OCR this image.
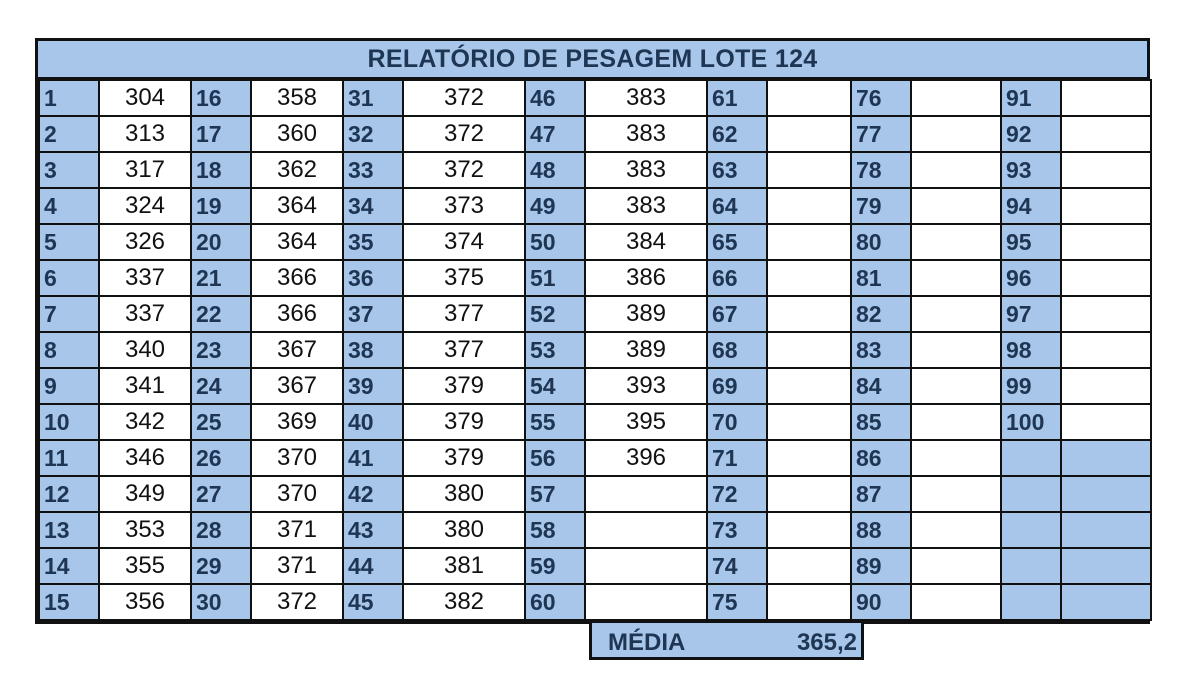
RELATÓRIO DE PESAGEM LOTE 124
1	304	16	358	31	372	46	383	61		76		91	
2	313	17	360	32	372	47	383	62		77		92	
3	317	18	362	33	372	48	383	63		78		93	
4	324	19	364	34	373	49	383	64		79		94	
5	326	20	364	35	374	50	384	65		80		95	
6	337	21	366	36	375	51	386	66		81		96	
7	337	22	366	37	377	52	389	67		82		97	
8	340	23	367	38	377	53	389	68		83		98	
9	341	24	367	39	379	54	393	69		84		99	
10	342	25	369	40	379	55	395	70		85		100	
11	346	26	370	41	379	56	396	71		86			
12	349	27	370	42	380	57		72		87			
13	353	28	371	43	380	58		73		88			
14	355	29	371	44	381	59		74		89			
15	356	30	372	45	382	60		75		90			
MÉDIA	365,2
